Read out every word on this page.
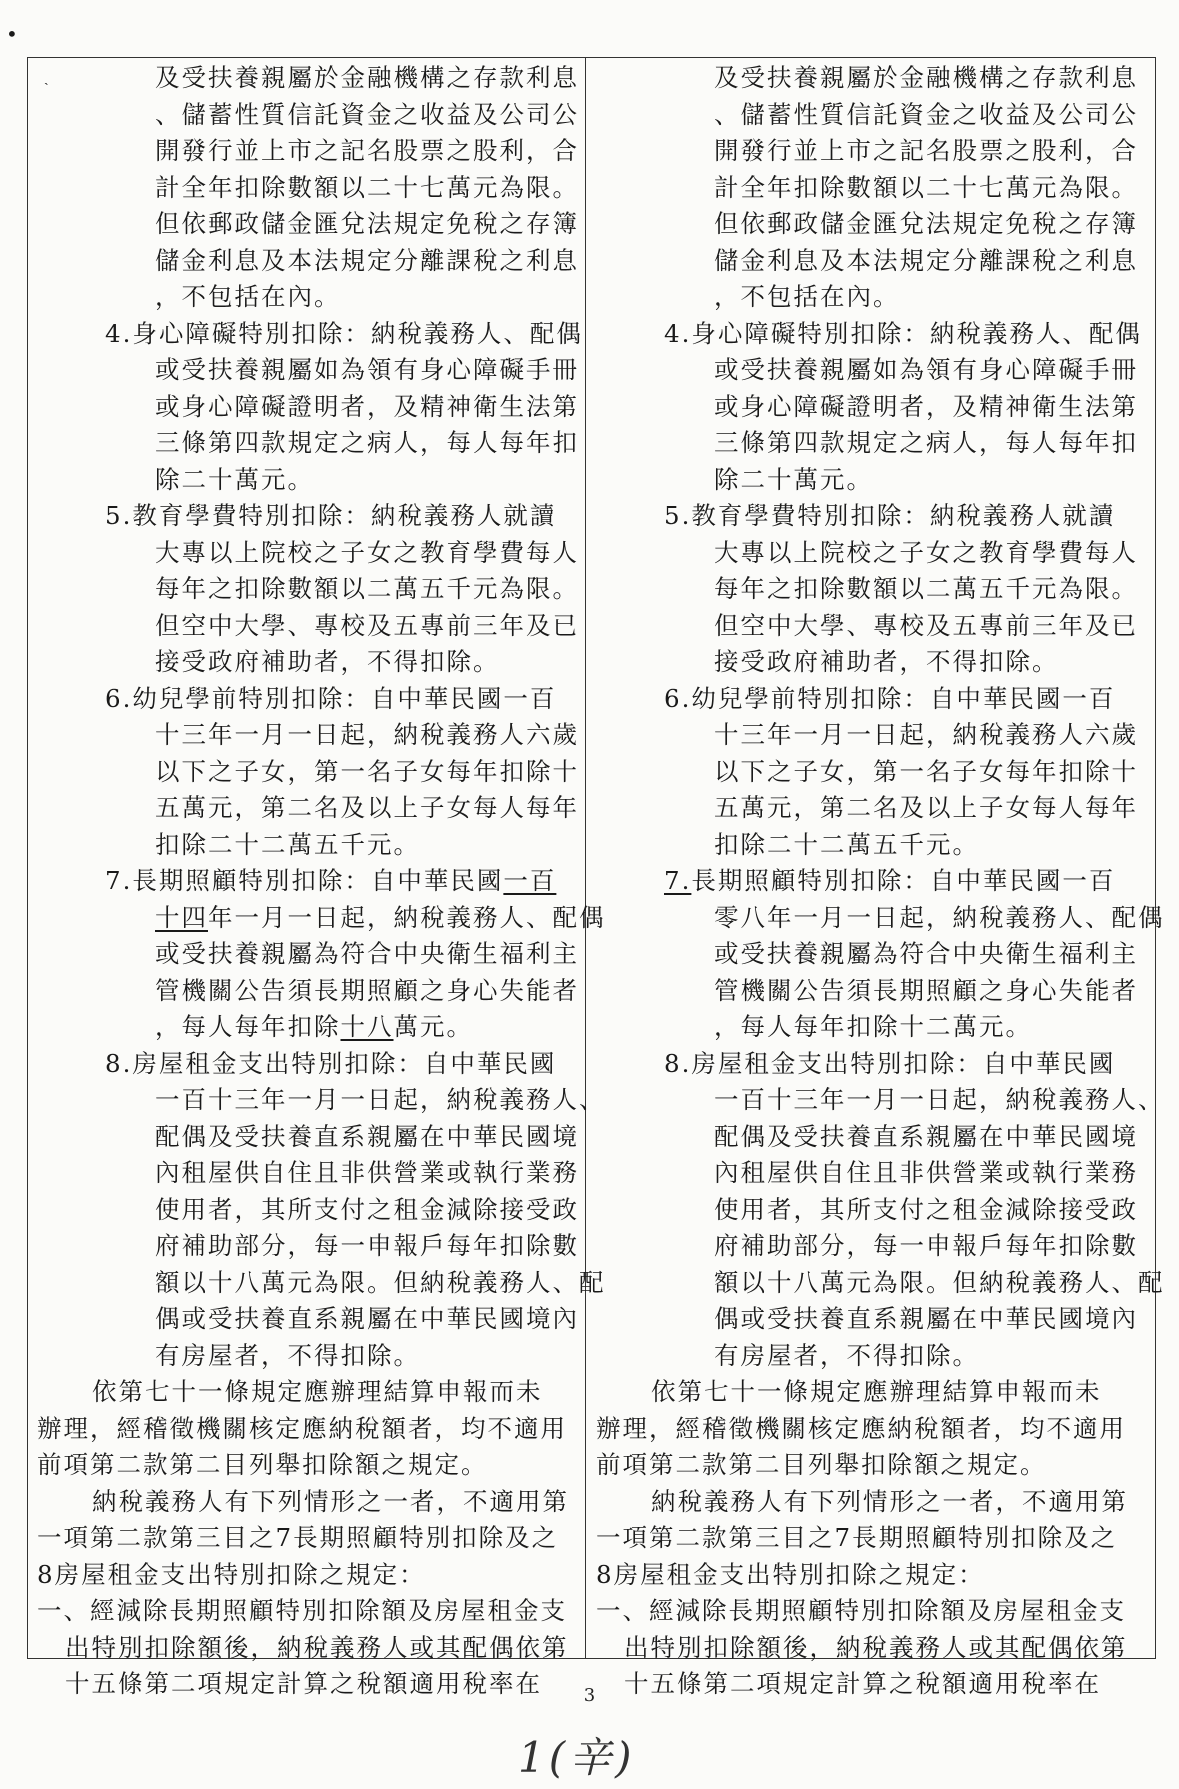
•
ˏ	及受扶養親屬於金融機構之存款利息
、儲蓄性質信託資金之收益及公司公
開發行並上市之記名股票之股利，合
計全年扣除數額以二十七萬元為限。
但依郵政儲金匯兌法規定免稅之存簿
儲金利息及本法規定分離課稅之利息
，不包括在內。
4.身心障礙特別扣除：納稅義務人、配偶
或受扶養親屬如為領有身心障礙手冊
或身心障礙證明者，及精神衛生法第
三條第四款規定之病人，每人每年扣
除二十萬元。
5.教育學費特別扣除：納稅義務人就讀
大專以上院校之子女之教育學費每人
每年之扣除數額以二萬五千元為限。
但空中大學、專校及五專前三年及已
接受政府補助者，不得扣除。
6.幼兒學前特別扣除：自中華民國一百
十三年一月一日起，納稅義務人六歲
以下之子女，第一名子女每年扣除十
五萬元，第二名及以上子女每人每年
扣除二十二萬五千元。
7.長期照顧特別扣除：自中華民國一百
十四年一月一日起，納稅義務人、配偶
或受扶養親屬為符合中央衛生福利主
管機關公告須長期照顧之身心失能者
，每人每年扣除十八萬元。
8.房屋租金支出特別扣除：自中華民國
一百十三年一月一日起，納稅義務人、
配偶及受扶養直系親屬在中華民國境
內租屋供自住且非供營業或執行業務
使用者，其所支付之租金減除接受政
府補助部分，每一申報戶每年扣除數
額以十八萬元為限。但納稅義務人、配
偶或受扶養直系親屬在中華民國境內
有房屋者，不得扣除。
依第七十一條規定應辦理結算申報而未
辦理，經稽徵機關核定應納稅額者，均不適用
前項第二款第二目列舉扣除額之規定。
納稅義務人有下列情形之一者，不適用第
一項第二款第三目之7長期照顧特別扣除及之
8房屋租金支出特別扣除之規定：
一、經減除長期照顧特別扣除額及房屋租金支
出特別扣除額後，納稅義務人或其配偶依第
十五條第二項規定計算之稅額適用稅率在
及受扶養親屬於金融機構之存款利息
、儲蓄性質信託資金之收益及公司公
開發行並上市之記名股票之股利，合
計全年扣除數額以二十七萬元為限。
但依郵政儲金匯兌法規定免稅之存簿
儲金利息及本法規定分離課稅之利息
，不包括在內。
4.身心障礙特別扣除：納稅義務人、配偶
或受扶養親屬如為領有身心障礙手冊
或身心障礙證明者，及精神衛生法第
三條第四款規定之病人，每人每年扣
除二十萬元。
5.教育學費特別扣除：納稅義務人就讀
大專以上院校之子女之教育學費每人
每年之扣除數額以二萬五千元為限。
但空中大學、專校及五專前三年及已
接受政府補助者，不得扣除。
6.幼兒學前特別扣除：自中華民國一百
十三年一月一日起，納稅義務人六歲
以下之子女，第一名子女每年扣除十
五萬元，第二名及以上子女每人每年
扣除二十二萬五千元。
7.長期照顧特別扣除：自中華民國一百
零八年一月一日起，納稅義務人、配偶
或受扶養親屬為符合中央衛生福利主
管機關公告須長期照顧之身心失能者
，每人每年扣除十二萬元。
8.房屋租金支出特別扣除：自中華民國
一百十三年一月一日起，納稅義務人、
配偶及受扶養直系親屬在中華民國境
內租屋供自住且非供營業或執行業務
使用者，其所支付之租金減除接受政
府補助部分，每一申報戶每年扣除數
額以十八萬元為限。但納稅義務人、配
偶或受扶養直系親屬在中華民國境內
有房屋者，不得扣除。
依第七十一條規定應辦理結算申報而未
辦理，經稽徵機關核定應納稅額者，均不適用
前項第二款第二目列舉扣除額之規定。
納稅義務人有下列情形之一者，不適用第
一項第二款第三目之7長期照顧特別扣除及之
8房屋租金支出特別扣除之規定：
一、經減除長期照顧特別扣除額及房屋租金支
出特別扣除額後，納稅義務人或其配偶依第
十五條第二項規定計算之稅額適用稅率在
3
1(辛)
